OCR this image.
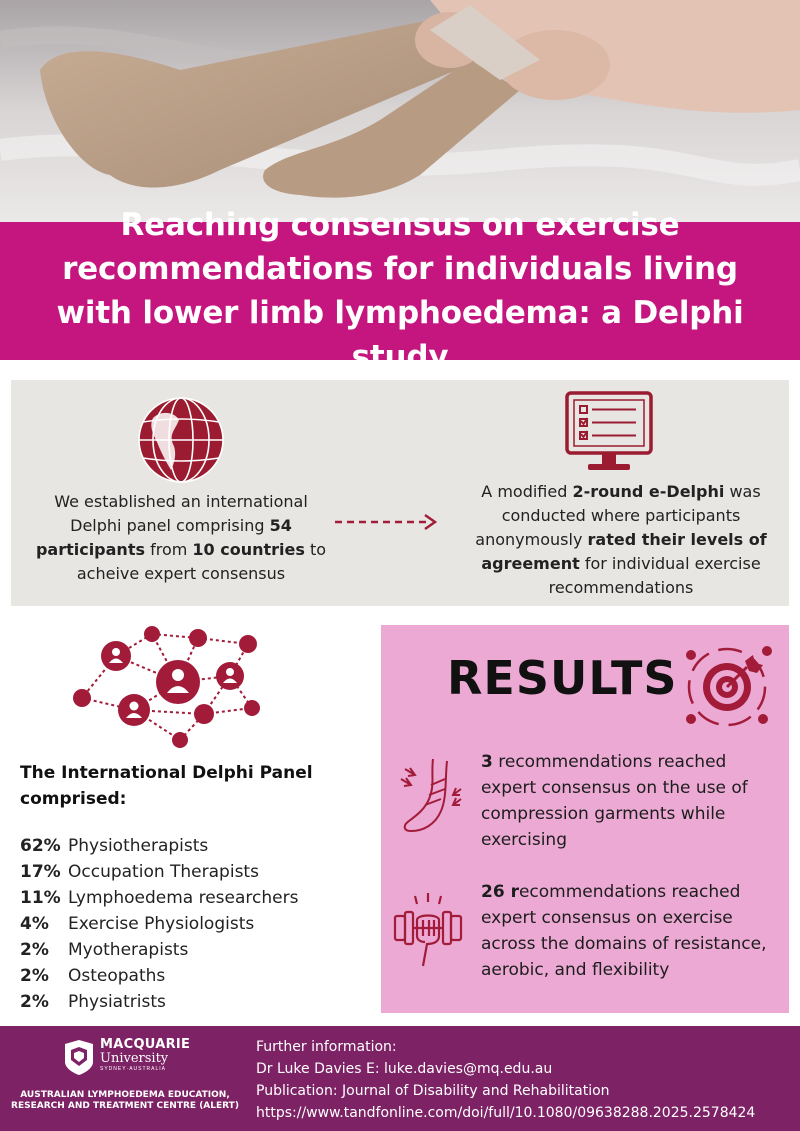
Reaching consensus on exercise recommendations for individuals living with lower limb lymphoedema: a Delphi study

We established an international Delphi panel comprising 54 participants from 10 countries to acheive expert consensus

A modified 2-round e-Delphi was conducted where participants anonymously rated their levels of agreement for individual exercise recommendations

The International Delphi Panel comprised:
62% Physiotherapists
17% Occupation Therapists
11% Lymphoedema researchers
4%	Exercise Physiologists
2%	Myotherapists
2%	Osteopaths
2%	Physiatrists
RESULTS

3 recommendations reached expert consensus on the use of compression garments while exercising

26 recommendations reached expert consensus on exercise across the domains of resistance, aerobic, and flexibility

MACQUARIE
University
SYDNEY·AUSTRALIA
AUSTRALIAN LYMPHOEDEMA EDUCATION, RESEARCH AND TREATMENT CENTRE (ALERT)
Further information:
Dr Luke Davies E: luke.davies@mq.edu.au
Publication: Journal of Disability and Rehabilitation
https://www.tandfonline.com/doi/full/10.1080/09638288.2025.2578424
